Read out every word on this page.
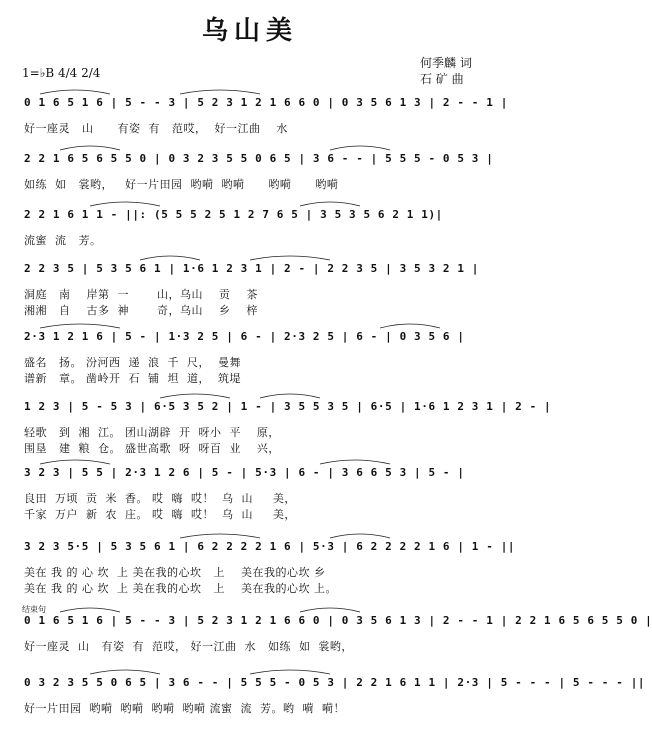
乌山美
1=♭B 4/4 2/4
何季麟 词
石 矿 曲
结束句
0 1 6 5 1 6 | 5 - - 3 | 5 2 3 1 2 1 6 6 0 | 0 3 5 6 1 3 | 2 - - 1 |
好一座灵   山      有姿  有   范哎，  好一江曲    水
2 2 1 6 5 6 5 5 0 | 0 3 2 3 5 5 0 6 5 | 3 6 - - | 5 5 5 - 0 5 3 |
如练  如   裳哟，   好一片田园  哟嗬  哟嗬      哟嗬      哟嗬
2 2 1 6 1 1 - ||: (5 5 5 2 5 1 2 7 6 5 | 3 5 3 5 6 2 1 1)|
流蜜  流   芳。
2 2 3 5 | 5 3 5 6 1 | 1·6 1 2 3 1 | 2 - | 2 2 3 5 | 3 5 3 2 1 |
洞庭   南    岸第  一       山，乌山    贡    茶
湘湘   自    古多  神       奇，乌山    乡    梓
2·3 1 2 1 6 | 5 - | 1·3 2 5 | 6 - | 2·3 2 5 | 6 - | 0 3 5 6 |
盛名   扬。 汾河西  递  浪  千  尺，  曼舞
谱新   章。 凿岭开  石  铺  坦  道，  筑堤
1 2 3 | 5 - 5 3 | 6·5 3 5 2 | 1 - | 3 5 5 3 5 | 6·5 | 1·6 1 2 3 1 | 2 - |
轻歌   到  湘  江。 团山湖辟  开  呀小  平    原，
围垦   建  粮  仓。 盛世高歌  呀  呀百  业    兴，
3 2 3 | 5 5 | 2·3 1 2 6 | 5 - | 5·3 | 6 - | 3 6 6 5 3 | 5 - |
良田  万顷  贡  米  香。 哎  嗨  哎！  乌  山     美，
千家  万户  新  农  庄。 哎  嗨  哎！  乌  山     美，
3 2 3 5·5 | 5 3 5 6 1 | 6 2 2 2 2 1 6 | 5·3 | 6 2 2 2 2 1 6 | 1 - ||
美在 我 的 心 坎  上 美在我的心坎   上    美在我的心坎 乡
美在 我 的 心 坎  上 美在我的心坎   上    美在我的心坎 上。
0 1 6 5 1 6 | 5 - - 3 | 5 2 3 1 2 1 6 6 0 | 0 3 5 6 1 3 | 2 - - 1 | 2 2 1 6 5 6 5 5 0 |
好一座灵  山   有姿  有  范哎， 好一江曲  水   如练  如  裳哟，
0 3 2 3 5 5 0 6 5 | 3 6 - - | 5 5 5 - 0 5 3 | 2 2 1 6 1 1 | 2·3 | 5 - - - | 5 - - - ||
好一片田园  哟嗬  哟嗬  哟嗬  哟嗬 流蜜  流  芳。哟  嗬  嗬！
